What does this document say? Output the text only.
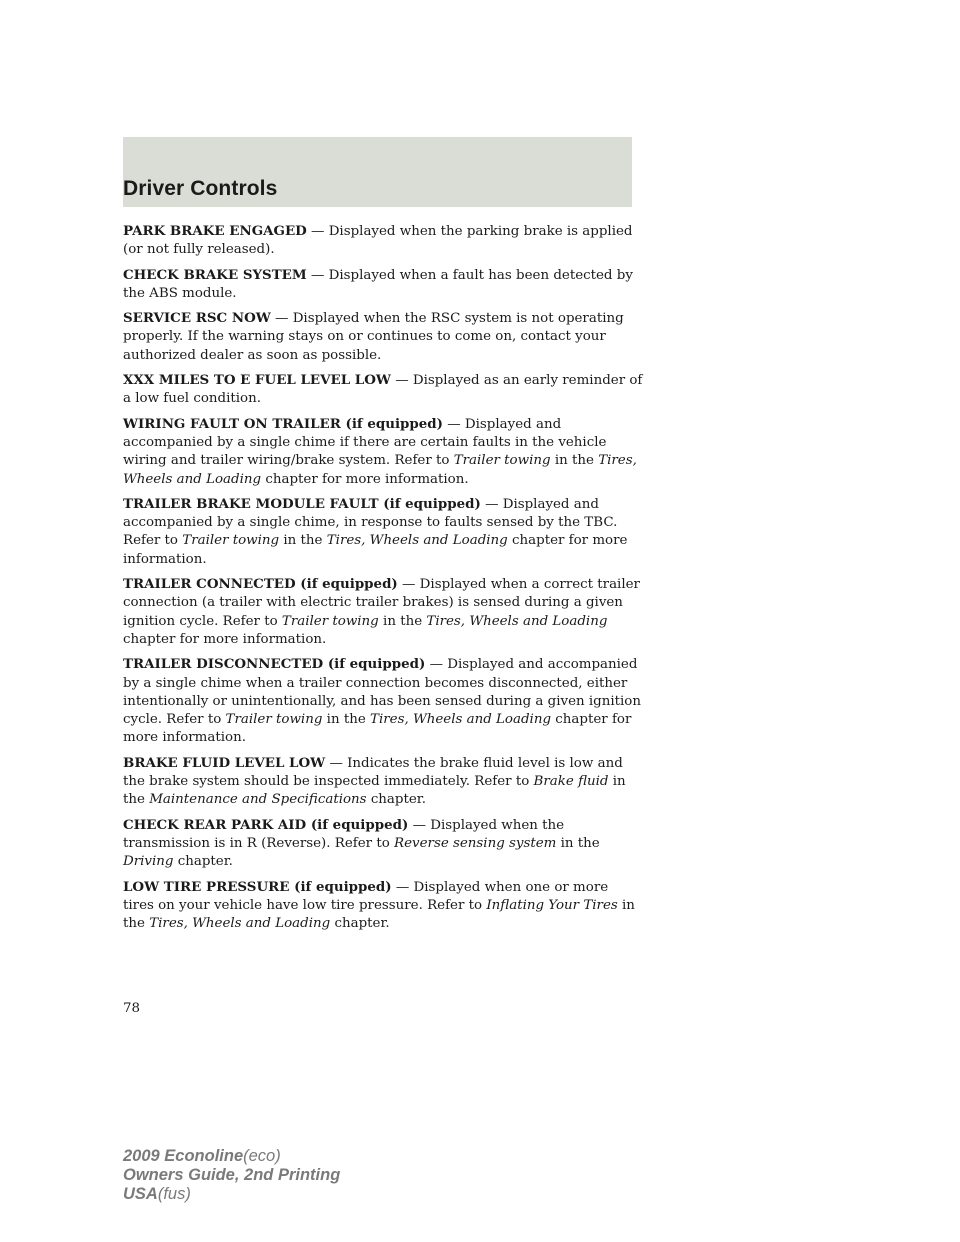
Driver Controls

PARK BRAKE ENGAGED — Displayed when the parking brake is applied (or not fully released).

CHECK BRAKE SYSTEM — Displayed when a fault has been detected by the ABS module.

SERVICE RSC NOW — Displayed when the RSC system is not operating properly. If the warning stays on or continues to come on, contact your authorized dealer as soon as possible.

XXX MILES TO E FUEL LEVEL LOW — Displayed as an early reminder of a low fuel condition.

WIRING FAULT ON TRAILER (if equipped) — Displayed and accompanied by a single chime if there are certain faults in the vehicle wiring and trailer wiring/brake system. Refer to Trailer towing in the Tires, Wheels and Loading chapter for more information.

TRAILER BRAKE MODULE FAULT (if equipped) — Displayed and accompanied by a single chime, in response to faults sensed by the TBC. Refer to Trailer towing in the Tires, Wheels and Loading chapter for more information.

TRAILER CONNECTED (if equipped) — Displayed when a correct trailer connection (a trailer with electric trailer brakes) is sensed during a given ignition cycle. Refer to Trailer towing in the Tires, Wheels and Loading chapter for more information.

TRAILER DISCONNECTED (if equipped) — Displayed and accompanied by a single chime when a trailer connection becomes disconnected, either intentionally or unintentionally, and has been sensed during a given ignition cycle. Refer to Trailer towing in the Tires, Wheels and Loading chapter for more information.

BRAKE FLUID LEVEL LOW — Indicates the brake fluid level is low and the brake system should be inspected immediately. Refer to Brake fluid in the Maintenance and Specifications chapter.

CHECK REAR PARK AID (if equipped) — Displayed when the transmission is in R (Reverse). Refer to Reverse sensing system in the Driving chapter.

LOW TIRE PRESSURE (if equipped) — Displayed when one or more tires on your vehicle have low tire pressure. Refer to Inflating Your Tires in the Tires, Wheels and Loading chapter.

78
2009 Econoline(eco)
Owners Guide, 2nd Printing
USA(fus)
